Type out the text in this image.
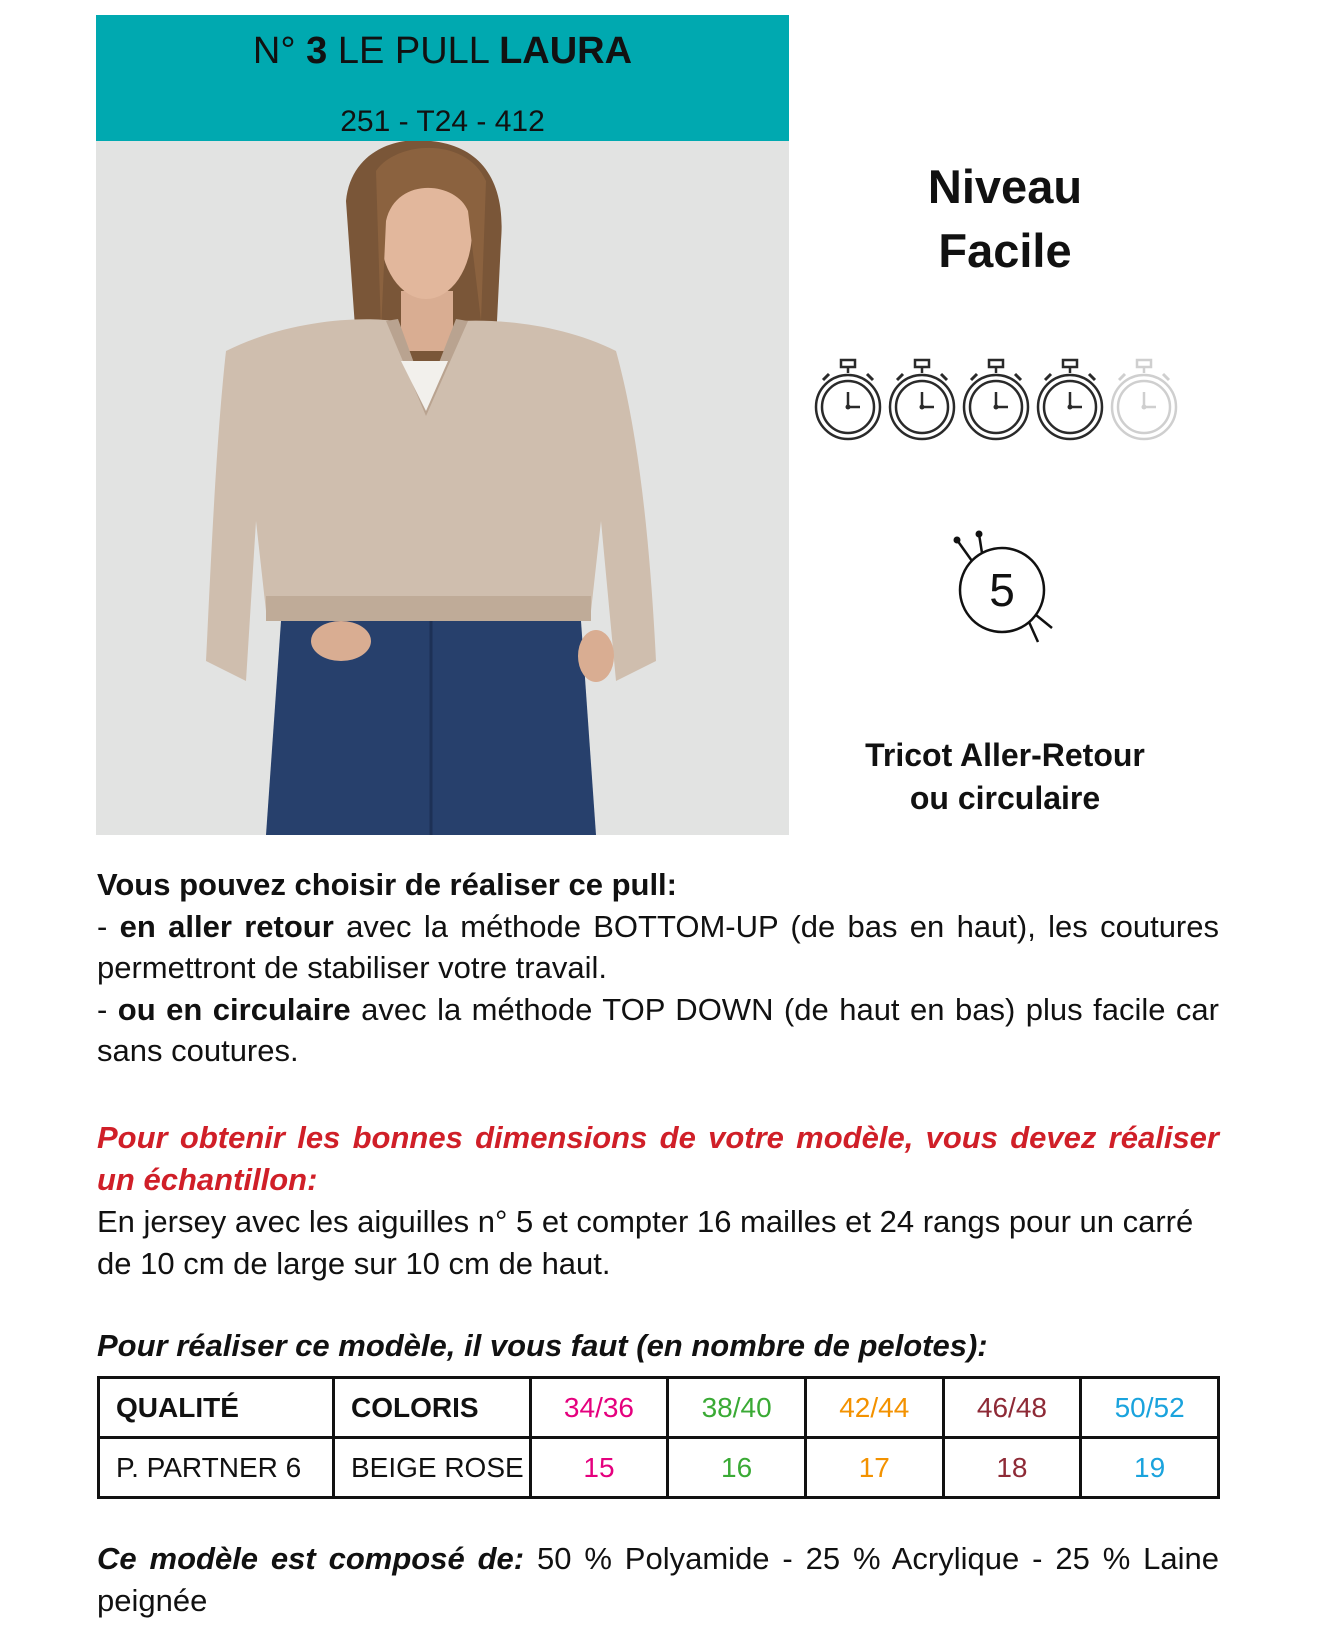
N° 3 LE PULL LAURA
251 - T24 - 412
Niveau
Facile
5
Tricot Aller-Retour
ou circulaire

Vous pouvez choisir de réaliser ce pull:

- en aller retour avec la méthode BOTTOM-UP (de bas en haut), les coutures permettront de stabiliser votre travail.

- ou en circulaire avec la méthode TOP DOWN (de haut en bas) plus facile car sans coutures.

Pour obtenir les bonnes dimensions de votre modèle, vous devez réaliser un échantillon:
En jersey avec les aiguilles n° 5 et compter 16 mailles et 24 rangs pour un carré de 10 cm de large sur 10 cm de haut.
Pour réaliser ce modèle, il vous faut (en nombre de pelotes):
QUALITÉ	COLORIS	34/36	38/40	42/44	46/48	50/52
P. PARTNER 6	BEIGE ROSE	15	16	17	18	19
Ce modèle est composé de: 50 % Polyamide - 25 % Acrylique - 25 % Laine peignée
